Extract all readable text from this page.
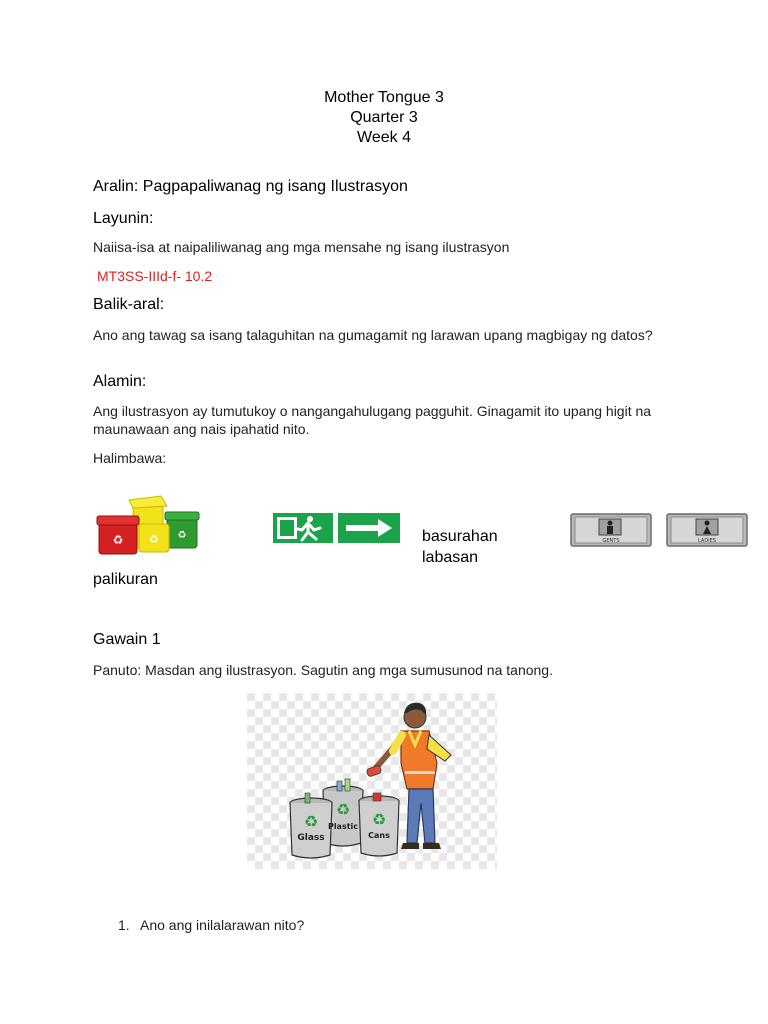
Mother Tongue 3
Quarter 3
Week 4
Aralin: Pagpapaliwanag ng isang Ilustrasyon
Layunin:
Naiisa-isa at naipaliliwanag ang mga mensahe ng isang ilustrasyon
MT3SS-IIId-f- 10.2
Balik-aral:
Ano ang tawag sa isang talaguhitan na gumagamit ng larawan upang magbigay ng datos?
Alamin:
Ang ilustrasyon ay tumutukoy o nangangahulugang pagguhit. Ginagamit ito upang higit na maunawaan ang nais ipahatid nito.
Halimbawa:
♻
♻ ♻	basurahan
labasan
GENTS	LADIES
palikuran
Gawain 1
Panuto: Masdan ang ilustrasyon. Sagutin ang mga sumusunod na tanong.
♻
♻	♻
Glass
Plastic
Cans
1. Ano ang inilalarawan nito?
